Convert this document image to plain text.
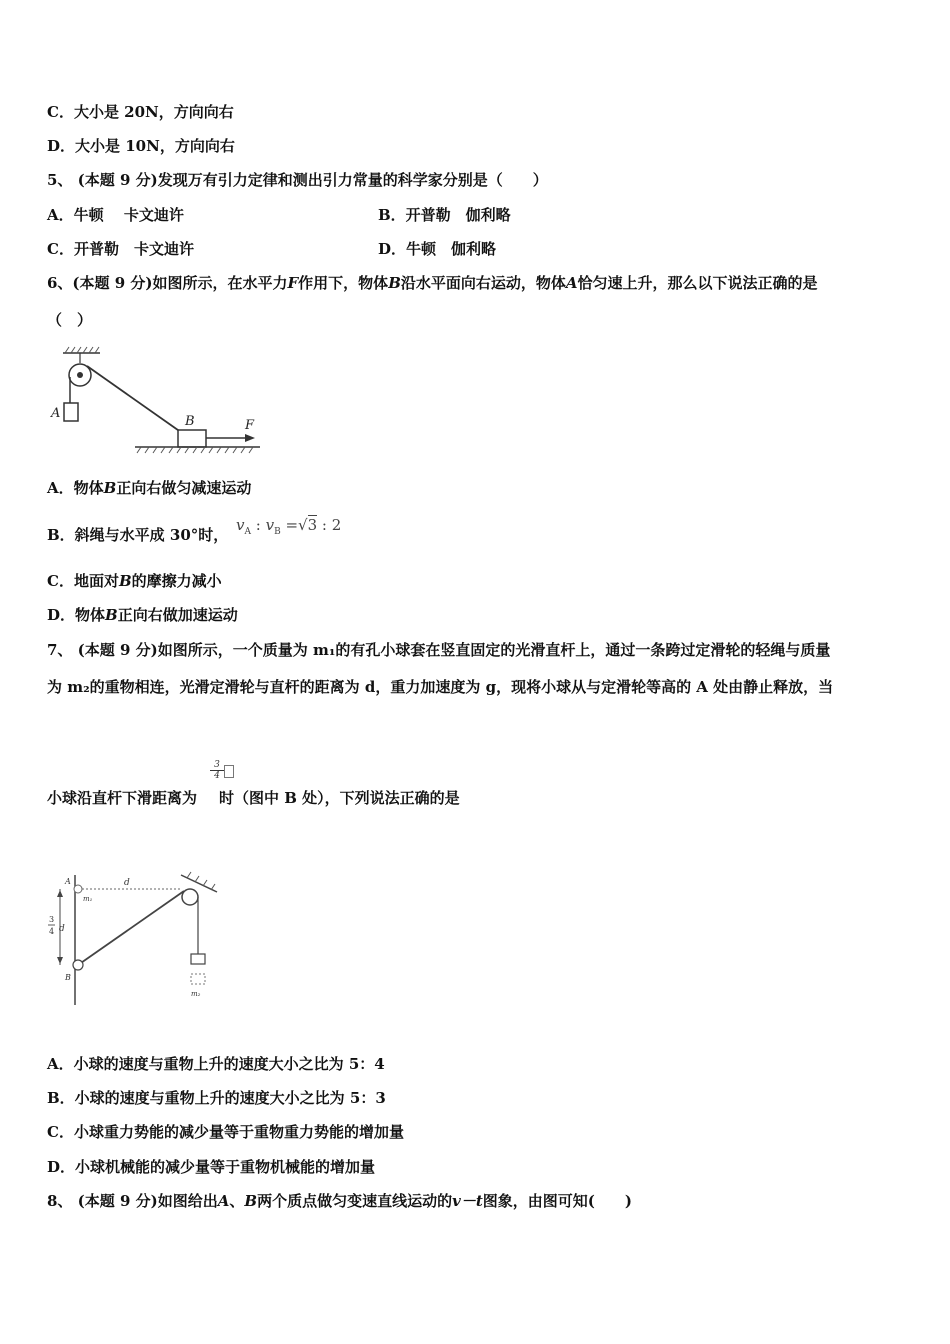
C．大小是 20N，方向向右
D．大小是 10N，方向向右
5、 (本题 9 分)发现万有引力定律和测出引力常量的科学家分别是（　　）
A．牛顿　 卡文迪许	B．开普勒　伽利略
C．开普勒　卡文迪许	D．牛顿　伽利略
6、(本题 9 分)如图所示，在水平力F作用下，物体B沿水平面向右运动，物体A恰匀速上升，那么以下说法正确的是
（　）
A
B	F
A．物体B正向右做匀减速运动
B．斜绳与水平成 30°时，
$v_A$ : $v_B =√3$ : 2
C．地面对B的摩擦力减小
D．物体B正向右做加速运动
7、 (本题 9 分)如图所示，一个质量为 m₁的有孔小球套在竖直固定的光滑直杆上，通过一条跨过定滑轮的轻绳与质量
为 m₂的重物相连，光滑定滑轮与直杆的距离为 d，重力加速度为 g，现将小球从与定滑轮等高的 A 处由静止释放，当
3
4
小球沿直杆下滑距离为 时（图中 B 处），下列说法正确的是
A
m₁
d
m₂
B
3
4 d
A．小球的速度与重物上升的速度大小之比为 5：4
B．小球的速度与重物上升的速度大小之比为 5：3
C．小球重力势能的减少量等于重物重力势能的增加量
D．小球机械能的减少量等于重物机械能的增加量
8、 (本题 9 分)如图给出A、B两个质点做匀变速直线运动的v－t图象，由图可知(　　)
